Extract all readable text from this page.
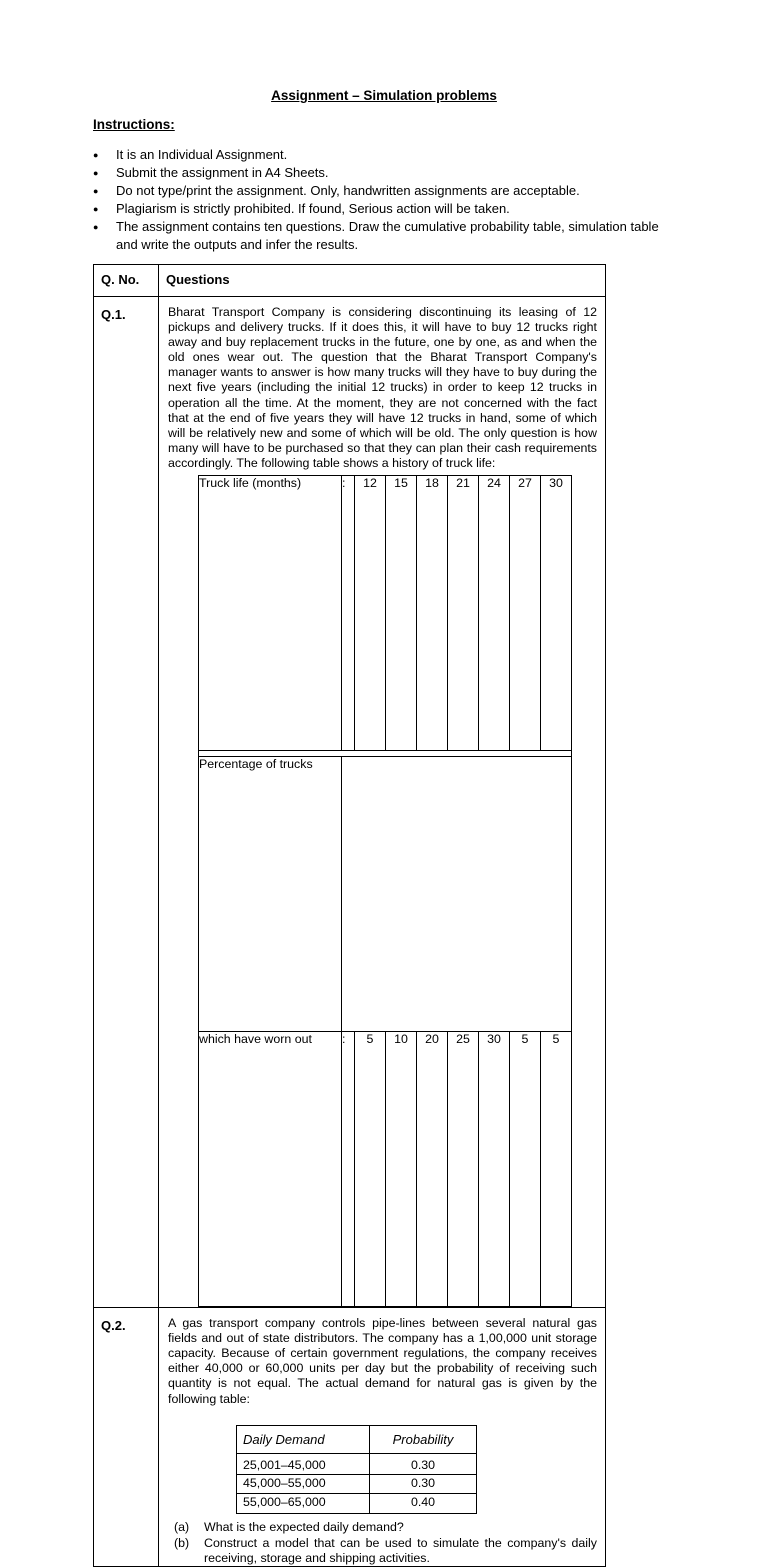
Assignment – Simulation problems
Instructions:
● It is an Individual Assignment.
● Submit the assignment in A4 Sheets.
● Do not type/print the assignment. Only, handwritten assignments are acceptable.
● Plagiarism is strictly prohibited. If found, Serious action will be taken.
● The assignment contains ten questions. Draw the cumulative probability table, simulation table and write the outputs and infer the results.
Q. No.	Questions
Q.1.	Bharat Transport Company is considering discontinuing its leasing of 12 pickups and delivery trucks. If it does this, it will have to buy 12 trucks right away and buy replacement trucks in the future, one by one, as and when the old ones wear out. The question that the Bharat Transport Company's manager wants to answer is how many trucks will they have to buy during the next five years (including the initial 12 trucks) in order to keep 12 trucks in operation all the time. At the moment, they are not concerned with the fact that at the end of five years they will have 12 trucks in hand, some of which will be relatively new and some of which will be old. The only question is how many will have to be purchased so that they can plan their cash requirements accordingly. The following table shows a history of truck life:
Truck life (months)	:	12	15	18	21	24	27	30

Percentage of trucks	
which have worn out	:	5	10	20	25	30	5	5

Q.2.	A gas transport company controls pipe-lines between several natural gas fields and out of state distributors. The company has a 1,00,000 unit storage capacity. Because of certain government regulations, the company receives either 40,000 or 60,000 units per day but the probability of receiving such quantity is not equal. The actual demand for natural gas is given by the following table:
Daily Demand	Probability
25,001–45,000	0.30
45,000–55,000	0.30
55,000–65,000	0.40
(a)	What is the expected daily demand?
(b)	Construct a model that can be used to simulate the company's daily receiving, storage and shipping activities.
